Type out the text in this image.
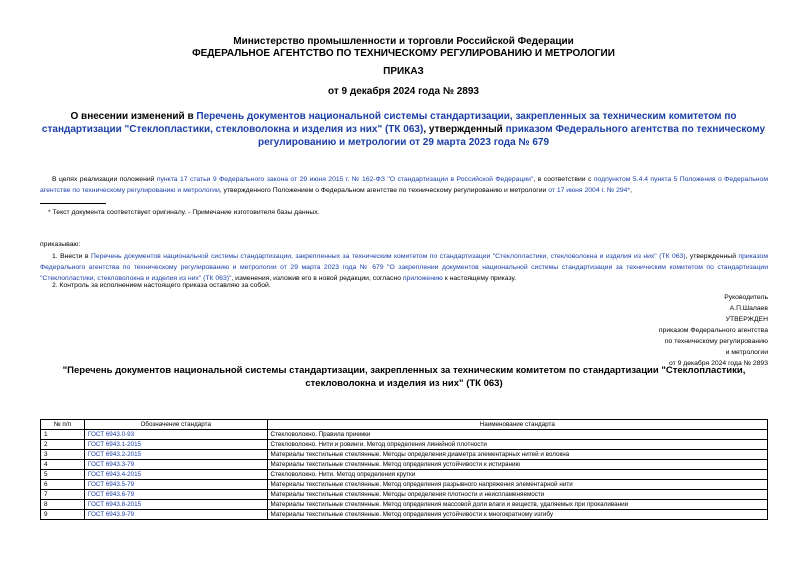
Министерство промышленности и торговли Российской Федерации
ФЕДЕРАЛЬНОЕ АГЕНТСТВО ПО ТЕХНИЧЕСКОМУ РЕГУЛИРОВАНИЮ И МЕТРОЛОГИИ
ПРИКАЗ
от 9 декабря 2024 года № 2893
О внесении изменений в Перечень документов национальной системы стандартизации, закрепленных за техническим комитетом по стандартизации "Стеклопластики, стекловолокна и изделия из них" (ТК 063), утвержденный приказом Федерального агентства по техническому регулированию и метрологии от 29 марта 2023 года № 679
В целях реализации положений пункта 17 статьи 9 Федерального закона от 29 июня 2015 г. № 162-ФЗ "О стандартизации в Российской Федерации", в соответствии с подпунктом 5.4.4 пункта 5 Положения о Федеральном агентстве по техническому регулированию и метрологии, утвержденного Положением о Федеральном агентстве по техническому регулированию и метрологии от 17 июня 2004 г. № 294*,
* Текст документа соответствует оригиналу. - Примечание изготовителя базы данных.
приказываю:
1. Внести в Перечень документов национальной системы стандартизации, закрепленных за техническим комитетом по стандартизации "Стеклопластики, стекловолокна и изделия из них" (ТК 063), утвержденный приказом Федерального агентства по техническому регулированию и метрологии от 29 марта 2023 года № 679 "О закреплении документов национальной системы стандартизации за техническим комитетом по стандартизации "Стеклопластики, стекловолокна и изделия из них" (ТК 063)", изменения, изложив его в новой редакции, согласно приложению к настоящему приказу.
2. Контроль за исполнением настоящего приказа оставляю за собой.
Руководитель
А.П.Шалаев
УТВЕРЖДЕН
приказом Федерального агентства
по техническому регулированию
и метрологии
от 9 декабря 2024 года № 2893
"Перечень документов национальной системы стандартизации, закрепленных за техническим комитетом по стандартизации "Стеклопластики, стекловолокна и изделия из них" (ТК 063)
№ п/п	Обозначение стандарта	Наименование стандарта
1	ГОСТ 6943.0-93	Стекловолокно. Правила приемки
2	ГОСТ 6943.1-2015	Стекловолокно. Нити и ровинги. Метод определения линейной плотности
3	ГОСТ 6943.2-2015	Материалы текстильные стеклянные. Методы определения диаметра элементарных нитей и волокна
4	ГОСТ 6943.3-79	Материалы текстильные стеклянные. Метод определения устойчивости к истиранию
5	ГОСТ 6943.4-2015	Стекловолокно. Нити. Метод определения крутки
6	ГОСТ 6943.5-79	Материалы текстильные стеклянные. Метод определения разрывного напряжения элементарной нити
7	ГОСТ 6943.6-79	Материалы текстильные стеклянные. Методы определения плотности и неиспламеняемости
8	ГОСТ 6943.8-2015	Материалы текстильные стеклянные. Метод определения массовой доли влаги и веществ, удаляемых при прокаливании
9	ГОСТ 6943.9-79	Материалы текстильные стеклянные. Метод определения устойчивости к многократному изгибу
